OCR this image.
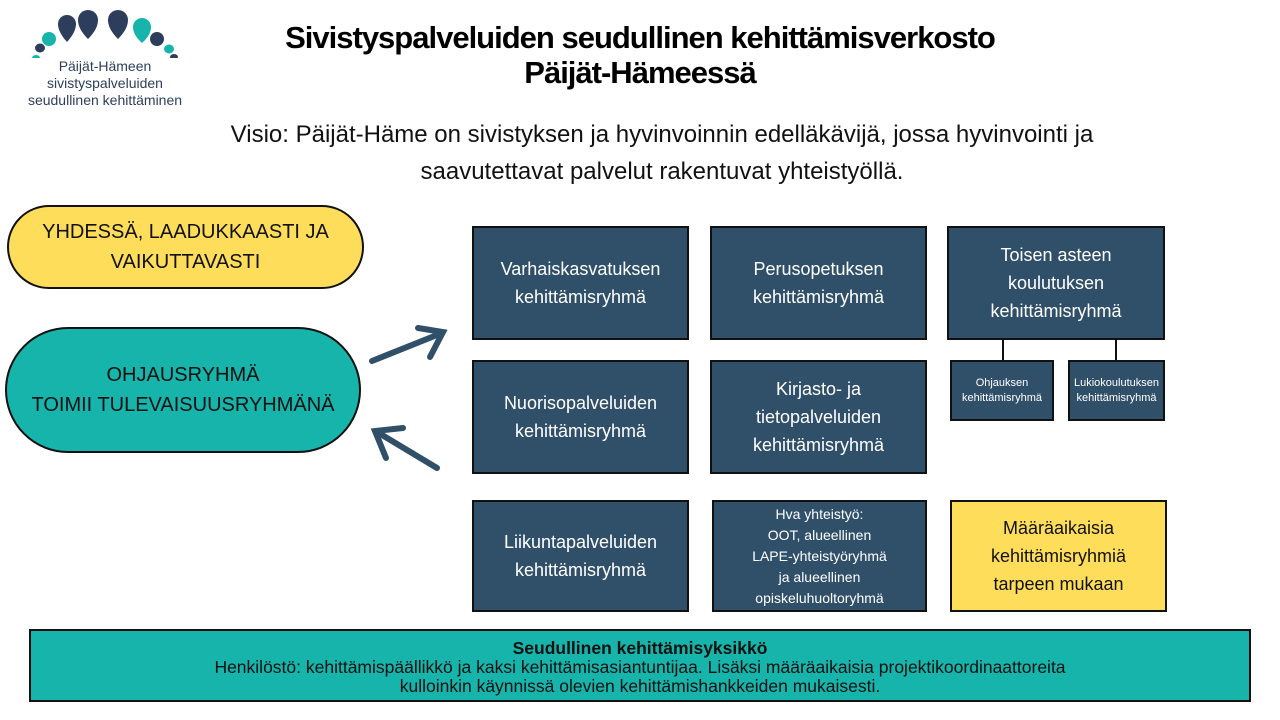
Päijät-Hämeen
sivistyspalveluiden
seudullinen kehittäminen
Sivistyspalveluiden seudullinen kehittämisverkosto
Päijät-Hämeessä
Visio: Päijät-Häme on sivistyksen ja hyvinvoinnin edelläkävijä, jossa hyvinvointi ja
saavutettavat palvelut rakentuvat yhteistyöllä.
YHDESSÄ, LAADUKKAASTI JA
VAIKUTTAVASTI
OHJAUSRYHMÄ
TOIMII TULEVAISUUSRYHMÄNÄ
Varhaiskasvatuksen
kehittämisryhmä
Perusopetuksen
kehittämisryhmä
Toisen asteen
koulutuksen
kehittämisryhmä
Nuorisopalveluiden
kehittämisryhmä
Kirjasto- ja
tietopalveluiden
kehittämisryhmä
Ohjauksen
kehittämisryhmä
Lukiokoulutuksen
kehittämisryhmä
Liikuntapalveluiden
kehittämisryhmä
Hva yhteistyö:
OOT, alueellinen
LAPE-yhteistyöryhmä
ja alueellinen
opiskeluhuoltoryhmä
Määräaikaisia
kehittämisryhmiä
tarpeen mukaan
Seudullinen kehittämisyksikkö
Henkilöstö: kehittämispäällikkö ja kaksi kehittämisasiantuntijaa. Lisäksi määräaikaisia projektikoordinaattoreita
kulloinkin käynnissä olevien kehittämishankkeiden mukaisesti.
